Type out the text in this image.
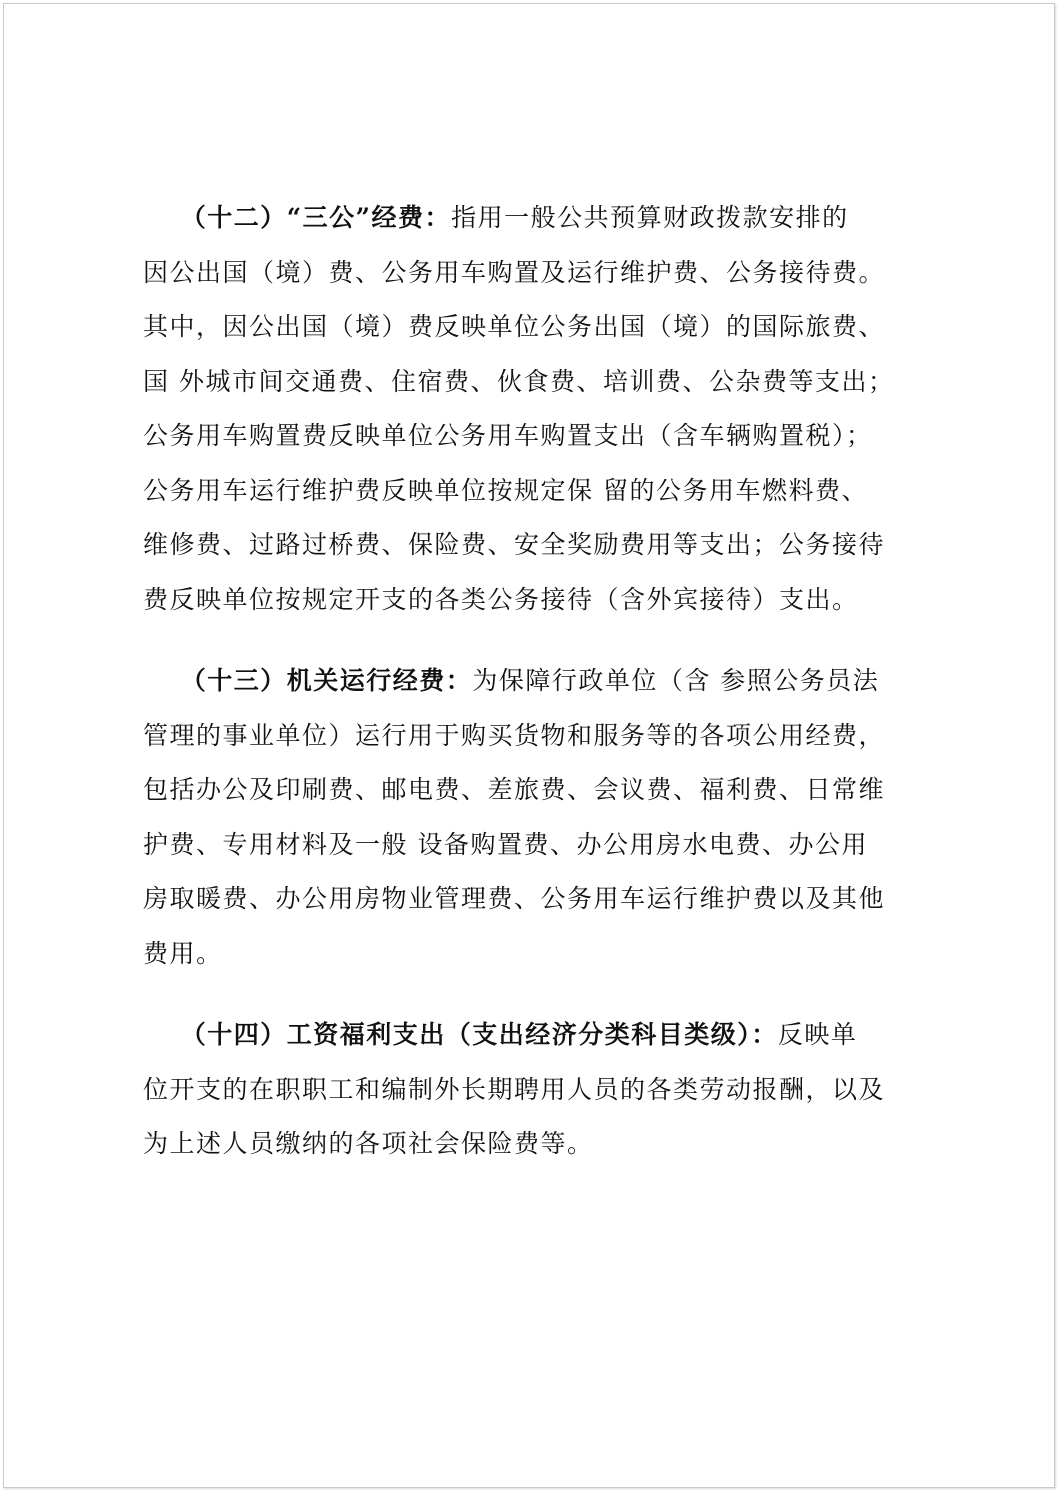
（十二）“三公”经费：指用一般公共预算财政拨款安排的
因公出国（境）费、公务用车购置及运行维护费、公务接待费。
其中，因公出国（境）费反映单位公务出国（境）的国际旅费、
国 外城市间交通费、住宿费、伙食费、培训费、公杂费等支出；
公务用车购置费反映单位公务用车购置支出（含车辆购置税）；
公务用车运行维护费反映单位按规定保 留的公务用车燃料费、
维修费、过路过桥费、保险费、安全奖励费用等支出；公务接待
费反映单位按规定开支的各类公务接待（含外宾接待）支出。
（十三）机关运行经费：为保障行政单位（含 参照公务员法
管理的事业单位）运行用于购买货物和服务等的各项公用经费，
包括办公及印刷费、邮电费、差旅费、会议费、福利费、日常维
护费、专用材料及一般 设备购置费、办公用房水电费、办公用
房取暖费、办公用房物业管理费、公务用车运行维护费以及其他
费用。
（十四）工资福利支出（支出经济分类科目类级）：反映单
位开支的在职职工和编制外长期聘用人员的各类劳动报酬，以及
为上述人员缴纳的各项社会保险费等。
